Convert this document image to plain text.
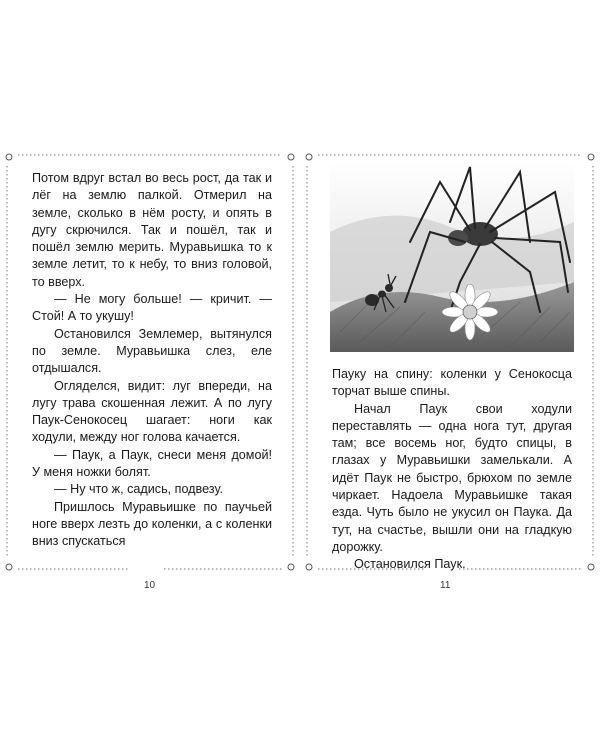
Потом вдруг встал во весь рост, да так и лёг на землю палкой. Отмерил на земле, сколько в нём росту, и опять в дугу скрючился. Так и пошёл, так и пошёл землю мерить. Муравьишка то к земле летит, то к небу, то вниз головой, то вверх.

— Не могу больше! — кричит. — Стой! А то укушу!

Остановился Землемер, вытянулся по земле. Муравьишка слез, еле отдышался.

Огляделся, видит: луг впереди, на лугу трава скошенная лежит. А по лугу Паук-Сенокосец шагает: ноги как ходули, между ног голова качается.

— Паук, а Паук, снеси меня домой! У меня ножки болят.

— Ну что ж, садись, подвезу.

Пришлось Муравьишке по паучьей ноге вверх лезть до коленки, а с коленки вниз спускаться

10

Пауку на спину: коленки у Сенокосца торчат выше спины.

Начал Паук свои ходули переставлять — одна нога тут, другая там; все восемь ног, будто спицы, в глазах у Муравьишки замелькали. А идёт Паук не быстро, брюхом по земле чиркает. Надоела Муравьишке такая езда. Чуть было не укусил он Паука. Да тут, на счастье, вышли они на гладкую дорожку.

Остановился Паук.

11
